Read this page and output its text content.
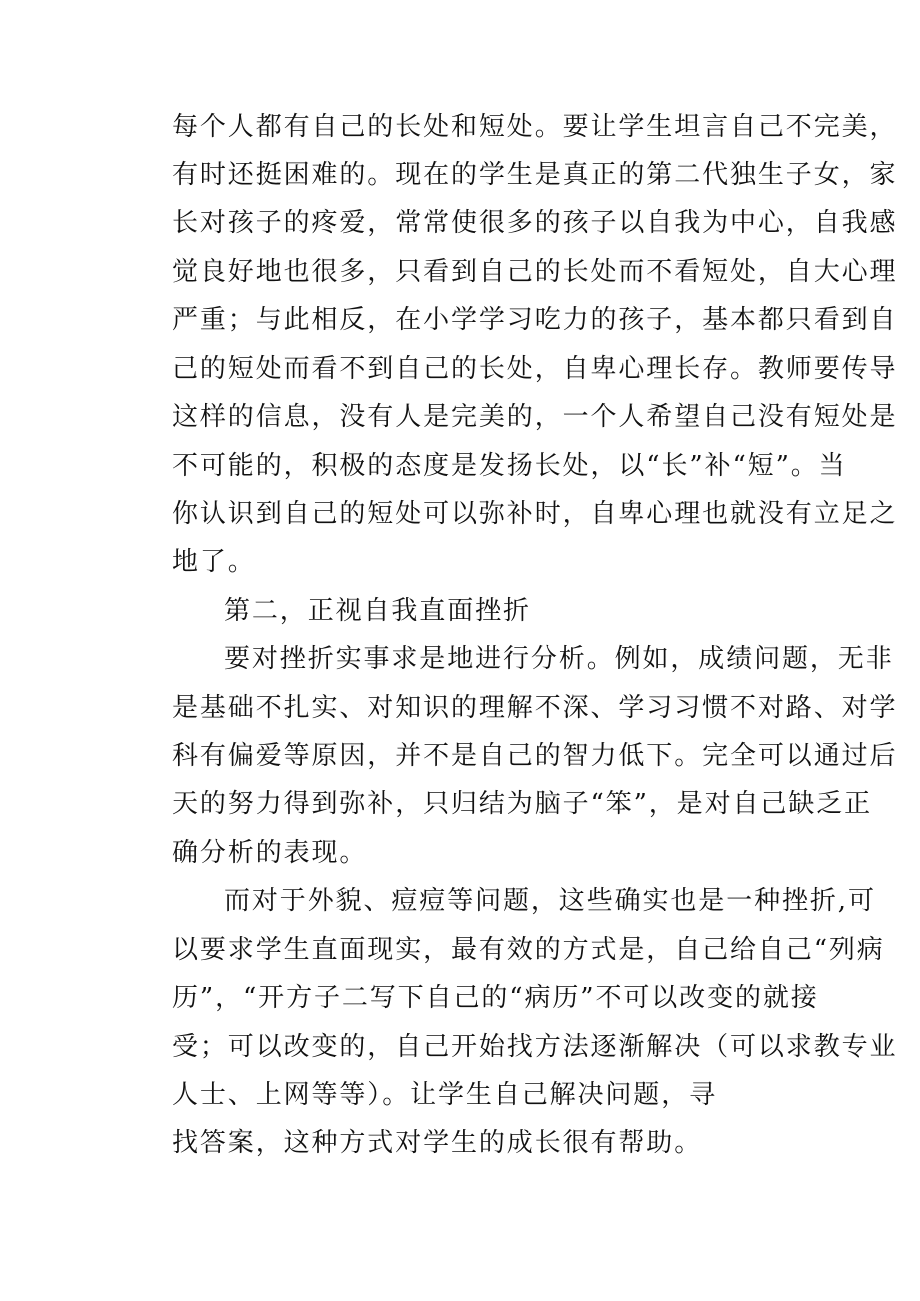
每个人都有自己的长处和短处。要让学生坦言自己不完美，
有时还挺困难的。现在的学生是真正的第二代独生子女，家
长对孩子的疼爱，常常使很多的孩子以自我为中心，自我感
觉良好地也很多，只看到自己的长处而不看短处，自大心理
严重；与此相反，在小学学习吃力的孩子，基本都只看到自
己的短处而看不到自己的长处，自卑心理长存。教师要传导
这样的信息，没有人是完美的，一个人希望自己没有短处是
不可能的，积极的态度是发扬长处，以“长”补“短”。当
你认识到自己的短处可以弥补时，自卑心理也就没有立足之
地了。
第二，正视自我直面挫折
要对挫折实事求是地进行分析。例如，成绩问题，无非
是基础不扎实、对知识的理解不深、学习习惯不对路、对学
科有偏爱等原因，并不是自己的智力低下。完全可以通过后
天的努力得到弥补，只归结为脑子“笨”，是对自己缺乏正
确分析的表现。
而对于外貌、痘痘等问题，这些确实也是一种挫折,可
以要求学生直面现实，最有效的方式是，自己给自己“列病
历”，“开方子二写下自己的“病历”不可以改变的就接
受；可以改变的，自己开始找方法逐渐解决（可以求教专业
人士、上网等等）。让学生自己解决问题，寻
找答案，这种方式对学生的成长很有帮助。
